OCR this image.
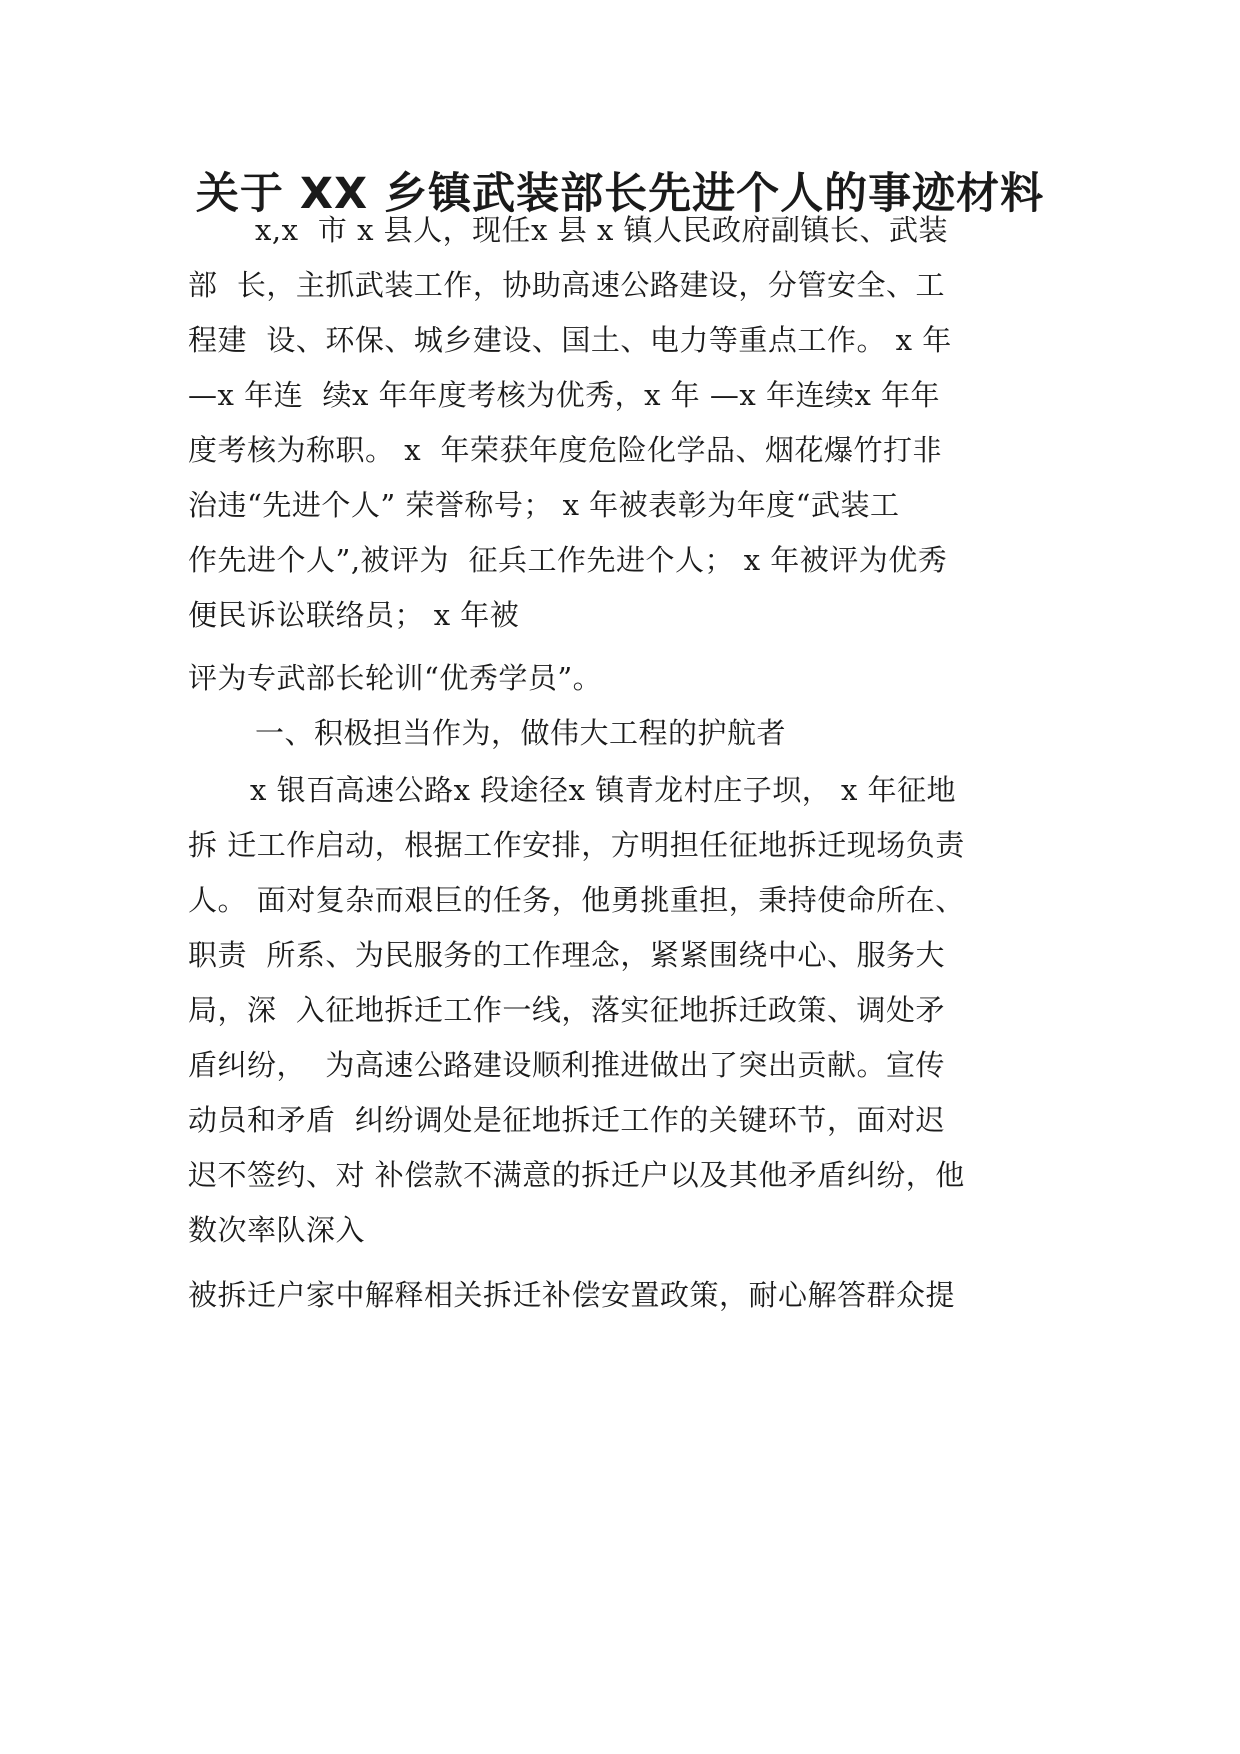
关于 XX 乡镇武装部长先进个人的事迹材料
x,x  市 x 县人，现任x 县 x 镇人民政府副镇长、武装
部  长，主抓武装工作，协助高速公路建设，分管安全、工
程建  设、环保、城乡建设、国土、电力等重点工作。 x 年
—x 年连  续x 年年度考核为优秀，x 年 —x 年连续x 年年
度考核为称职。 x  年荣获年度危险化学品、烟花爆竹打非
治违“先进个人” 荣誉称号； x 年被表彰为年度“武装工
作先进个人”,被评为  征兵工作先进个人； x 年被评为优秀
便民诉讼联络员； x 年被
评为专武部长轮训“优秀学员”。
一、积极担当作为，做伟大工程的护航者
x 银百高速公路x 段途径x 镇青龙村庄子坝， x 年征地
拆 迁工作启动，根据工作安排，方明担任征地拆迁现场负责
人。 面对复杂而艰巨的任务，他勇挑重担，秉持使命所在、
职责  所系、为民服务的工作理念，紧紧围绕中心、服务大
局，深  入征地拆迁工作一线，落实征地拆迁政策、调处矛
盾纠纷，  为高速公路建设顺利推进做出了突出贡献。宣传
动员和矛盾  纠纷调处是征地拆迁工作的关键环节，面对迟
迟不签约、对 补偿款不满意的拆迁户以及其他矛盾纠纷，他
数次率队深入
被拆迁户家中解释相关拆迁补偿安置政策，耐心解答群众提
